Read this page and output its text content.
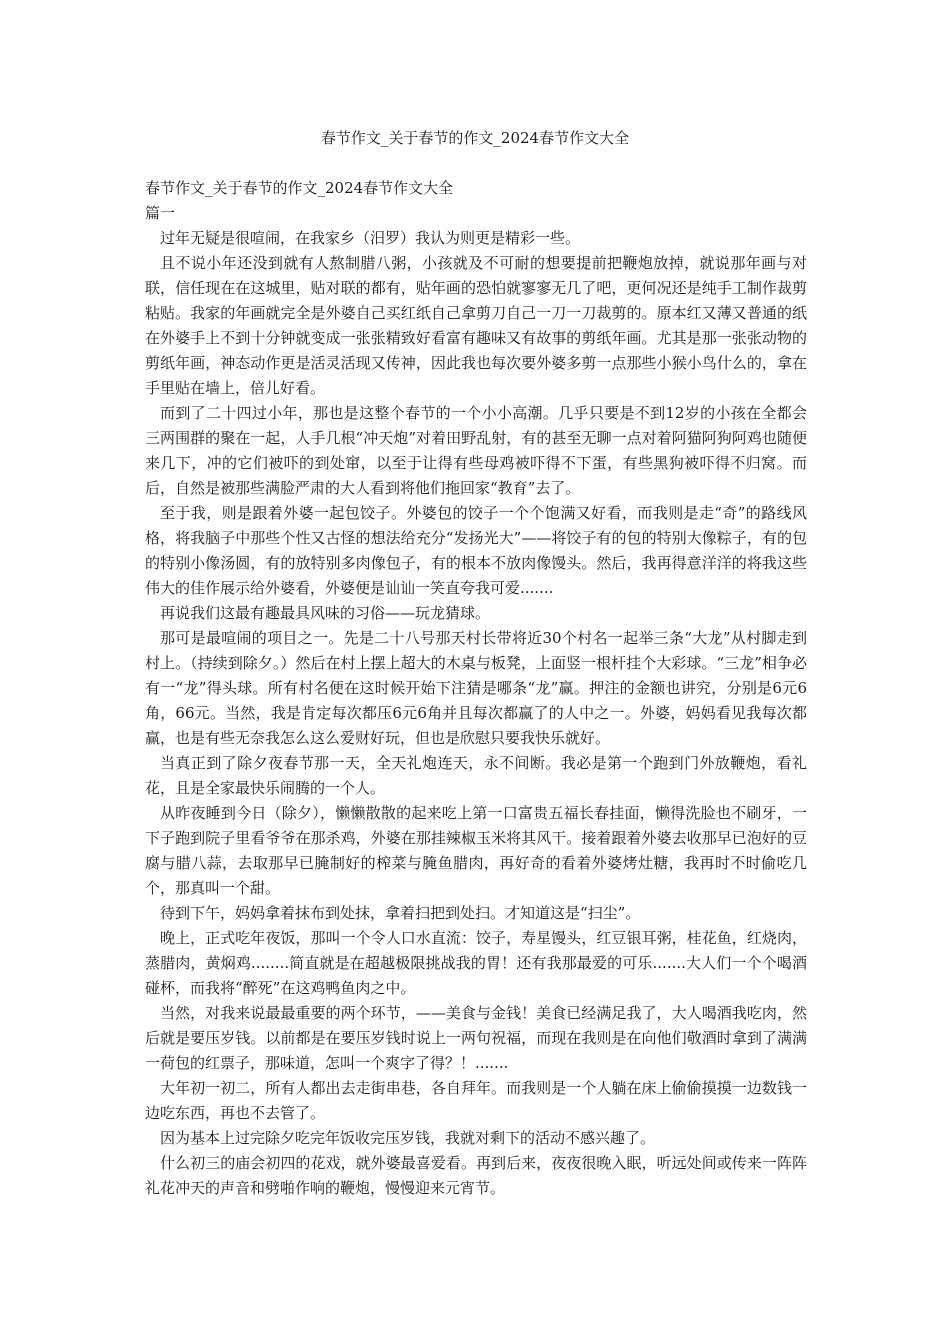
春节作文_关于春节的作文_2024春节作文大全
春节作文_关于春节的作文_2024春节作文大全
篇一

过年无疑是很喧闹，在我家乡（汨罗）我认为则更是精彩一些。

且不说小年还没到就有人熬制腊八粥，小孩就及不可耐的想要提前把鞭炮放掉，就说那年画与对联，信任现在在这城里，贴对联的都有，贴年画的恐怕就寥寥无几了吧，更何况还是纯手工制作裁剪粘贴。我家的年画就完全是外婆自己买红纸自己拿剪刀自己一刀一刀裁剪的。原本红又薄又普通的纸在外婆手上不到十分钟就变成一张张精致好看富有趣味又有故事的剪纸年画。尤其是那一张张动物的剪纸年画，神态动作更是活灵活现又传神，因此我也每次要外婆多剪一点那些小猴小鸟什么的，拿在手里贴在墙上，倍儿好看。

而到了二十四过小年，那也是这整个春节的一个小小高潮。几乎只要是不到12岁的小孩在全都会三两围群的聚在一起，人手几根“冲天炮”对着田野乱射，有的甚至无聊一点对着阿猫阿狗阿鸡也随便来几下，冲的它们被吓的到处窜，以至于让得有些母鸡被吓得不下蛋，有些黑狗被吓得不归窝。而后，自然是被那些满脸严肃的大人看到将他们拖回家“教育”去了。

至于我，则是跟着外婆一起包饺子。外婆包的饺子一个个饱满又好看，而我则是走“奇”的路线风格，将我脑子中那些个性又古怪的想法给充分“发扬光大”——将饺子有的包的特别大像粽子，有的包的特别小像汤圆，有的放特别多肉像包子，有的根本不放肉像馒头。然后，我再得意洋洋的将我这些伟大的佳作展示给外婆看，外婆便是讪讪一笑直夸我可爱.......

再说我们这最有趣最具风味的习俗——玩龙猜球。

那可是最喧闹的项目之一。先是二十八号那天村长带将近30个村名一起举三条“大龙”从村脚走到村上。（持续到除夕。）然后在村上摆上超大的木桌与板凳，上面竖一根杆挂个大彩球。“三龙”相争必有一“龙”得头球。所有村名便在这时候开始下注猜是哪条“龙”赢。押注的金额也讲究，分别是6元6角，66元。当然，我是肯定每次都压6元6角并且每次都赢了的人中之一。外婆，妈妈看见我每次都赢，也是有些无奈我怎么这么爱财好玩，但也是欣慰只要我快乐就好。

当真正到了除夕夜春节那一天，全天礼炮连天，永不间断。我必是第一个跑到门外放鞭炮，看礼花，且是全家最快乐闹腾的一个人。

从昨夜睡到今日（除夕），懒懒散散的起来吃上第一口富贵五福长春挂面，懒得洗脸也不刷牙，一下子跑到院子里看爷爷在那杀鸡，外婆在那挂辣椒玉米将其风干。接着跟着外婆去收那早已泡好的豆腐与腊八蒜，去取那早已腌制好的榨菜与腌鱼腊肉，再好奇的看着外婆烤灶糖，我再时不时偷吃几个，那真叫一个甜。

待到下午，妈妈拿着抹布到处抹，拿着扫把到处扫。才知道这是“扫尘”。

晚上，正式吃年夜饭，那叫一个令人口水直流：饺子，寿星馒头，红豆银耳粥，桂花鱼，红烧肉，蒸腊肉，黄焖鸡........简直就是在超越极限挑战我的胃！还有我那最爱的可乐.......大人们一个个喝酒碰杯，而我将“醉死”在这鸡鸭鱼肉之中。

当然，对我来说最最重要的两个环节，——美食与金钱！美食已经满足我了，大人喝酒我吃肉，然后就是要压岁钱。以前都是在要压岁钱时说上一两句祝福，而现在我则是在向他们敬酒时拿到了满满一荷包的红票子，那味道，怎叫一个爽字了得？！.......

大年初一初二，所有人都出去走街串巷，各自拜年。而我则是一个人躺在床上偷偷摸摸一边数钱一边吃东西，再也不去管了。

因为基本上过完除夕吃完年饭收完压岁钱，我就对剩下的活动不感兴趣了。

什么初三的庙会初四的花戏，就外婆最喜爱看。再到后来，夜夜很晚入眠，听远处间或传来一阵阵礼花冲天的声音和劈啪作响的鞭炮，慢慢迎来元宵节。
